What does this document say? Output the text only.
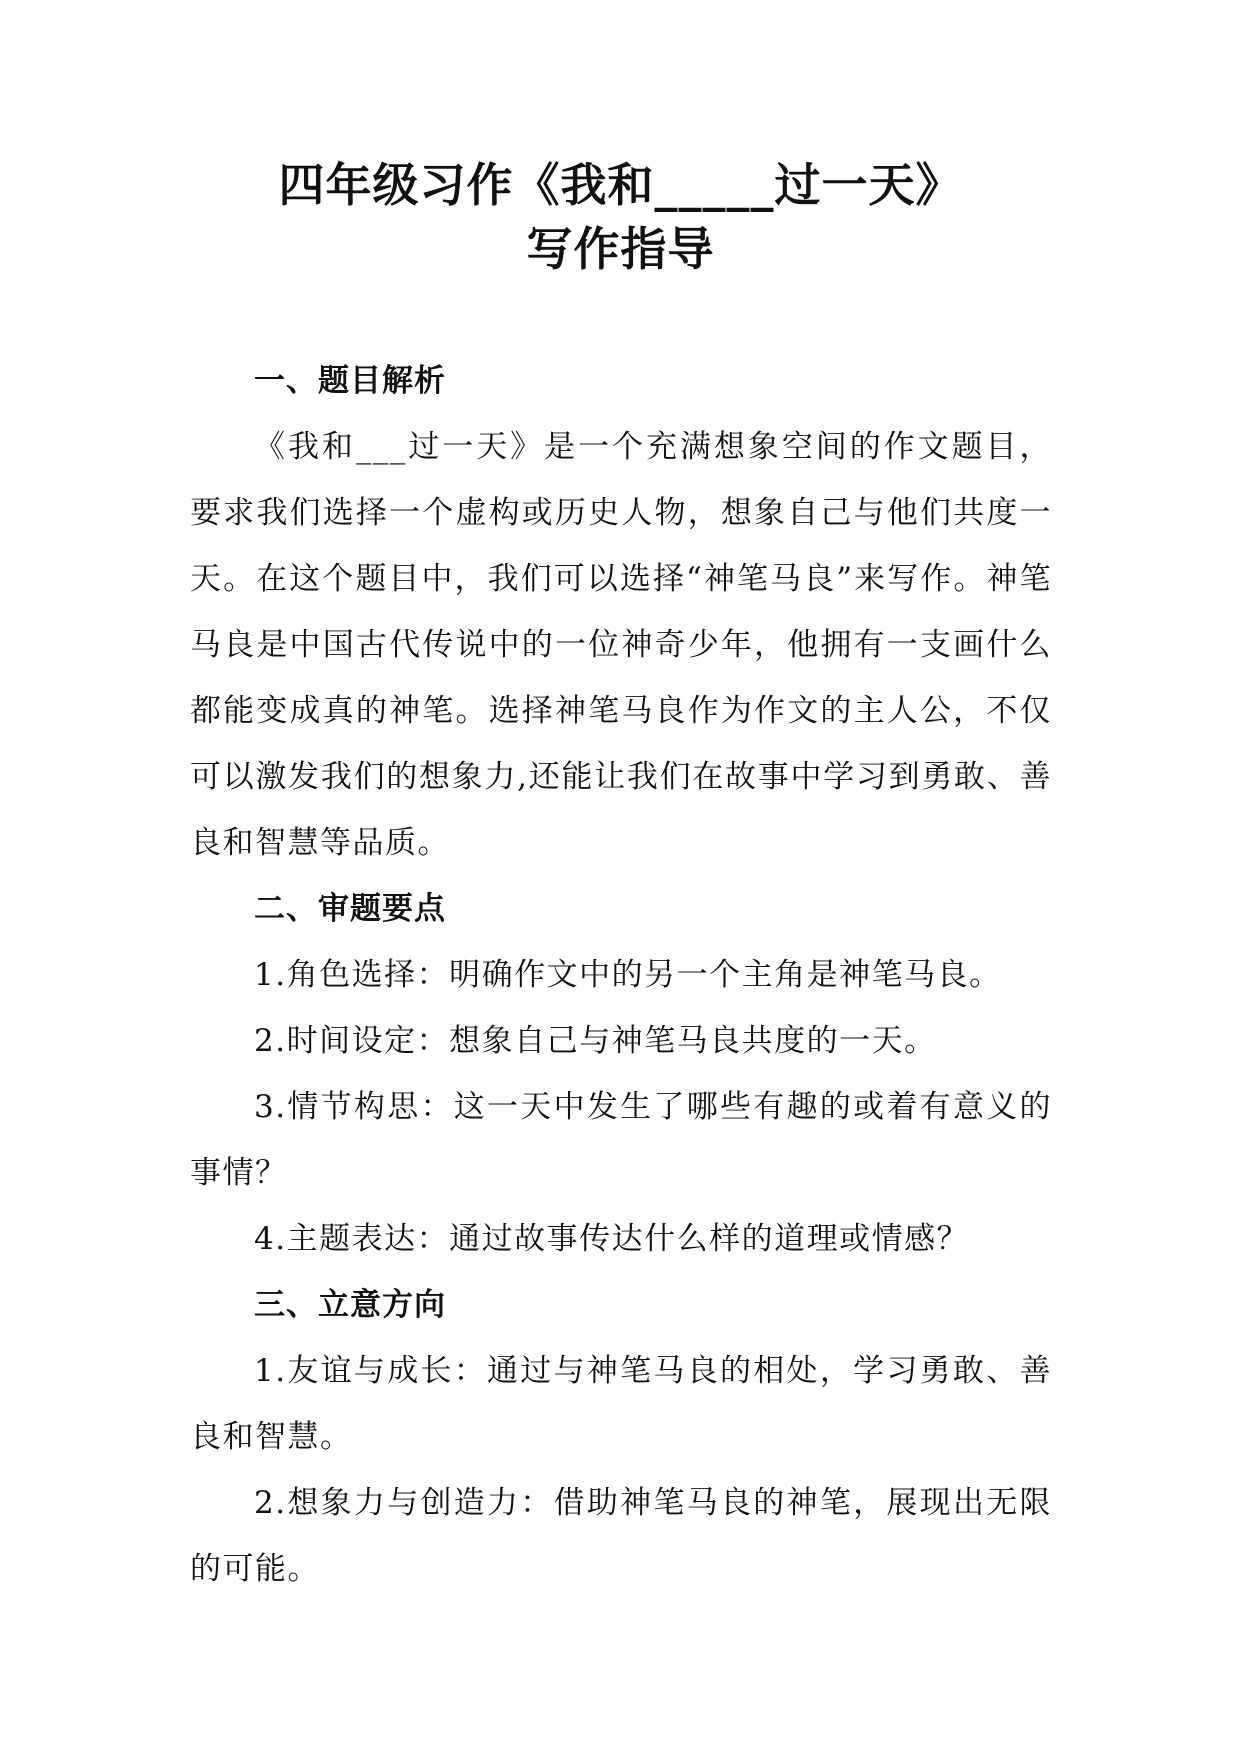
四年级习作《我和_____过一天》
写作指导
一、题目解析

《我和___过一天》是一个充满想象空间的作文题目，要求我们选择一个虚构或历史人物，想象自己与他们共度一天。在这个题目中，我们可以选择“神笔马良”来写作。神笔马良是中国古代传说中的一位神奇少年，他拥有一支画什么都能变成真的神笔。选择神笔马良作为作文的主人公，不仅可以激发我们的想象力,还能让我们在故事中学习到勇敢、善良和智慧等品质。

二、审题要点

1.角色选择：明确作文中的另一个主角是神笔马良。

2.时间设定：想象自己与神笔马良共度的一天。

3.情节构思：这一天中发生了哪些有趣的或着有意义的事情？

4.主题表达：通过故事传达什么样的道理或情感？

三、立意方向

1.友谊与成长：通过与神笔马良的相处，学习勇敢、善良和智慧。

2.想象力与创造力：借助神笔马良的神笔，展现出无限的可能。
